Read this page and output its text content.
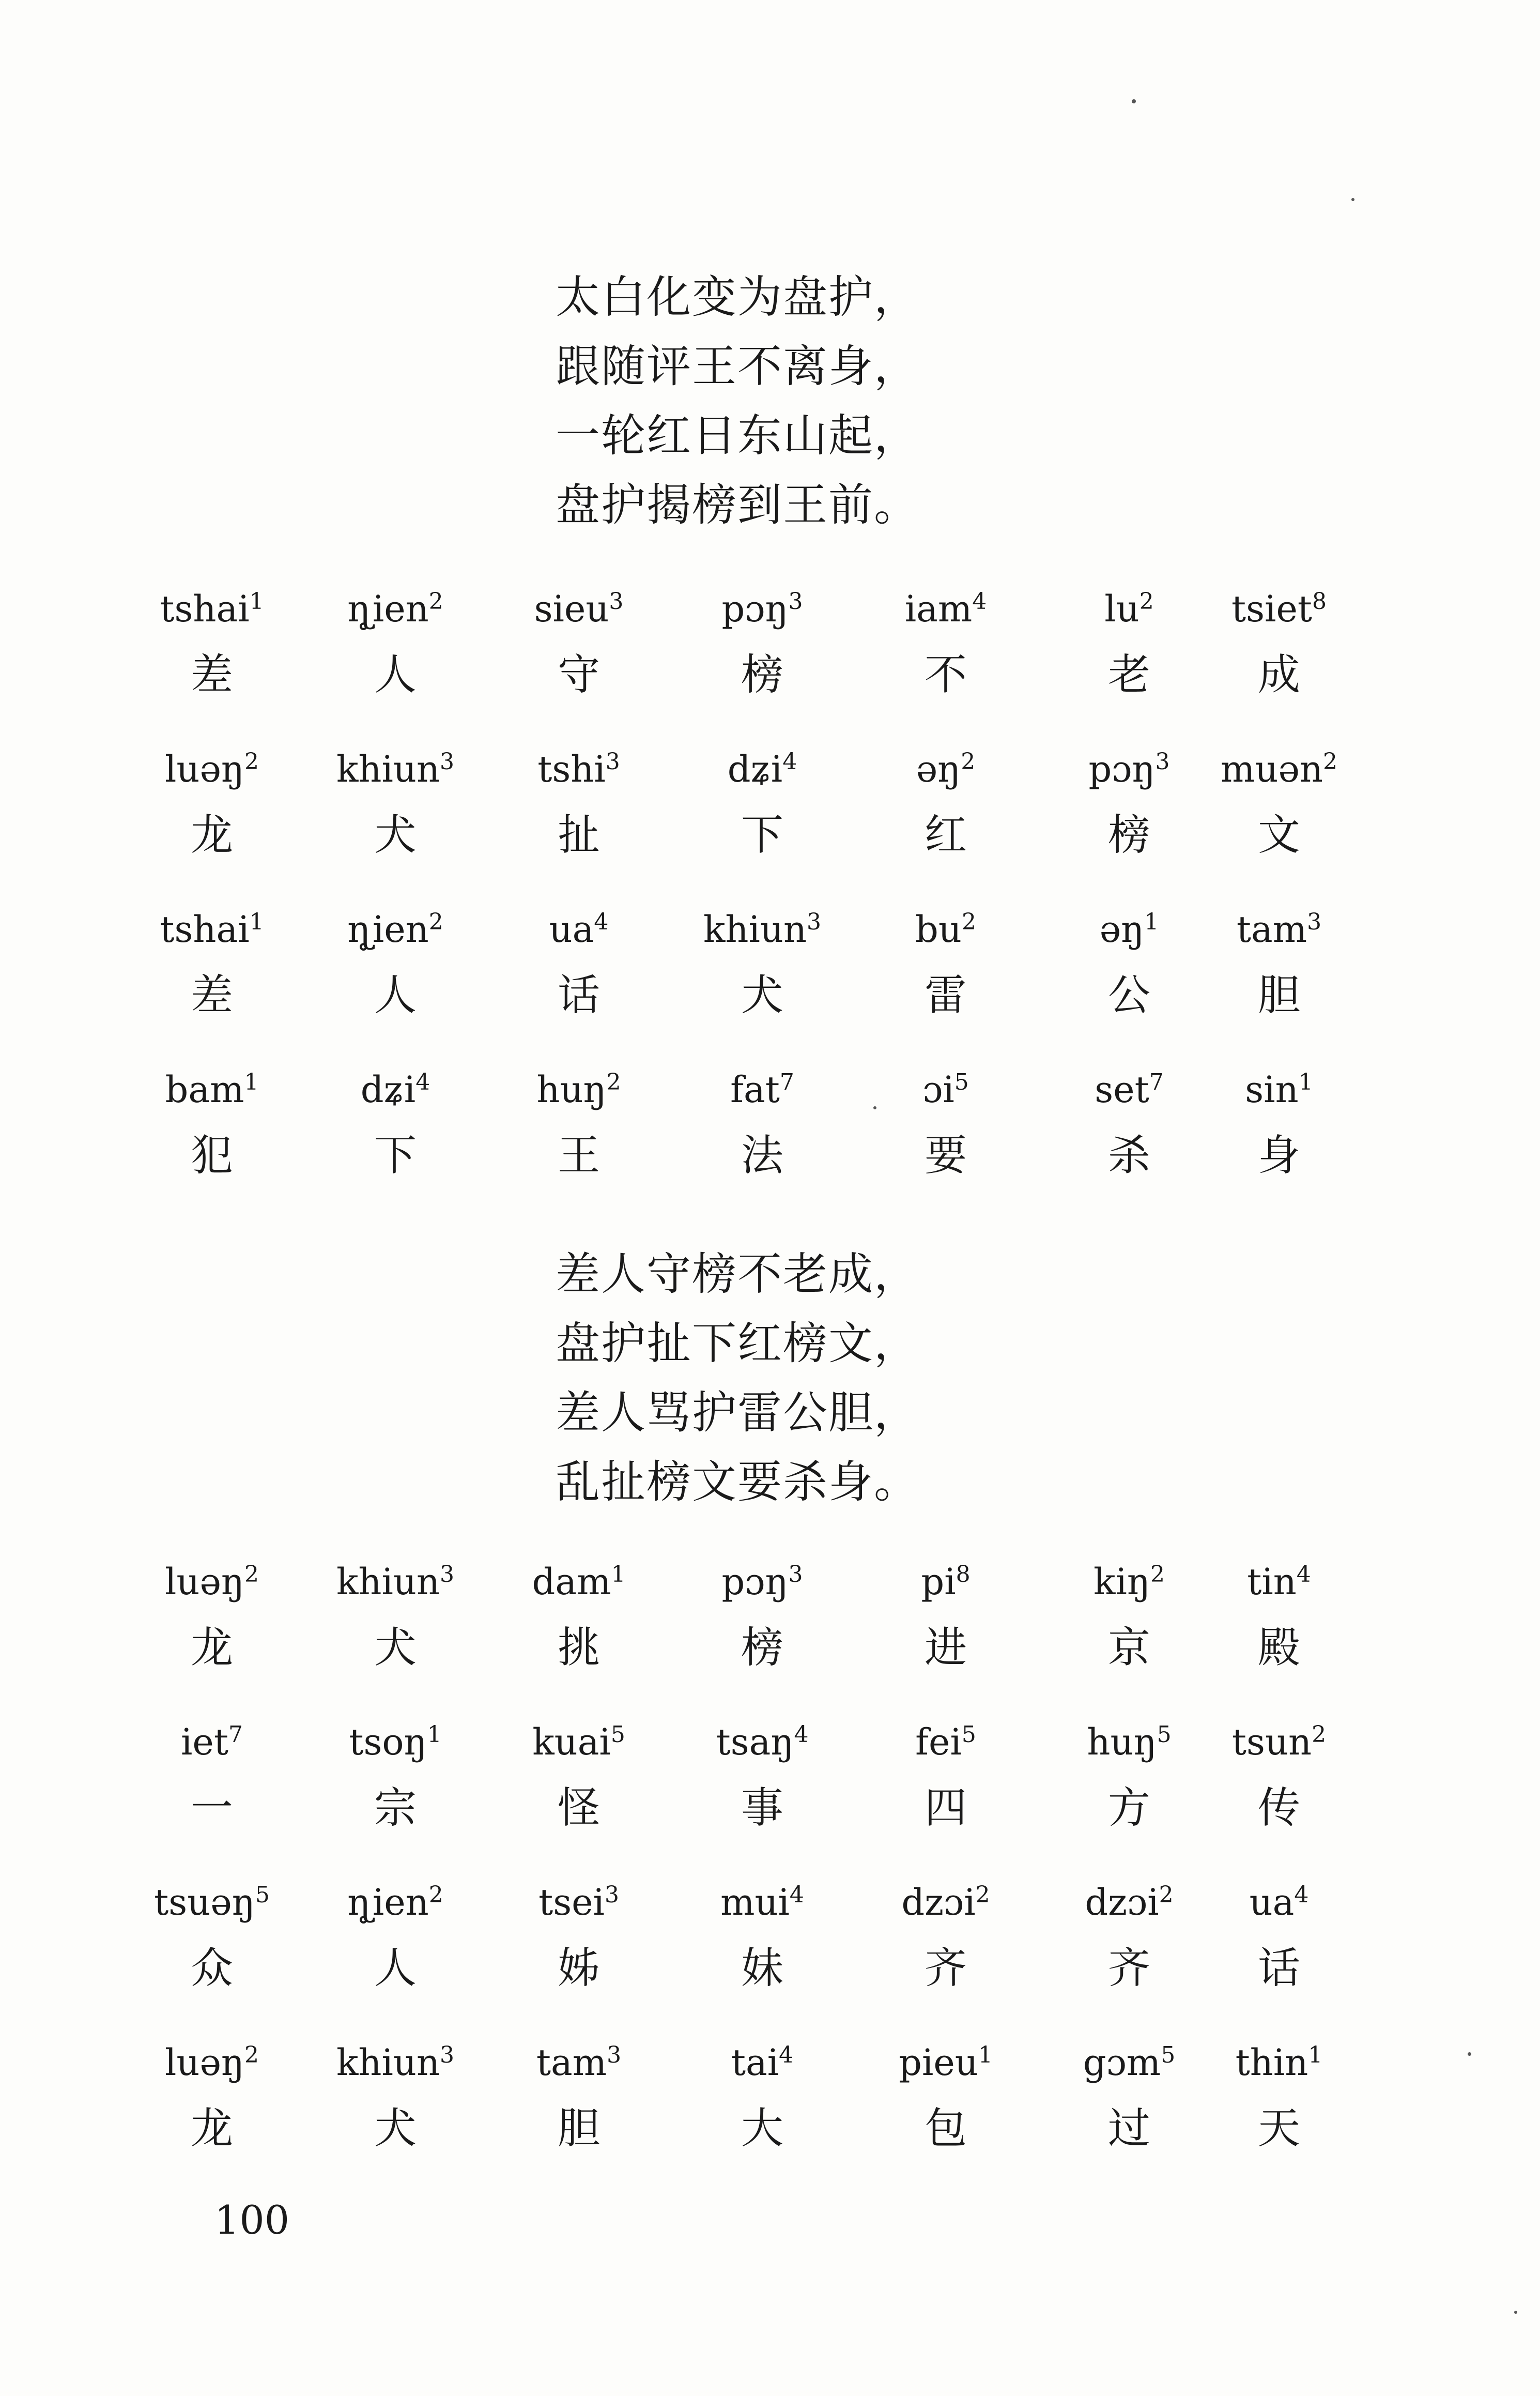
太白化变为盘护，
跟随评王不离身，
一轮红日东山起，
盘护揭榜到王前。
tshai$^1$
差
ɳ̥ien$^2$
人
sieu$^3$
守
pɔŋ$^3$
榜
iam$^4$
不
$lu^2$
老
tsiet$^8$
成
luəŋ$^2$
龙
khiun$^3$
犬
tshi$^3$
扯
dʑi$^4$
下
əŋ$^2$
红
pɔŋ$^3$
榜
muən$^2$
文
tshai$^1$
差
ɳ̥ien$^2$
人
$ua^4$
话
khiun$^3$
犬
$bu^2$
雷
əŋ$^1$
公
tam$^3$
胆
bam$^1$
犯
dʑi$^4$
下
huŋ$^2$
王
fat$^7$
法
ɔi$^5$
要
set$^7$
杀
$\sin^1$
身
差人守榜不老成，
盘护扯下红榜文，
差人骂护雷公胆，
乱扯榜文要杀身。
luəŋ$^2$
龙
khiun$^3$
犬
dam$^1$
挑
pɔŋ$^3$
榜
$pi^8$
进
kiŋ$^2$
京
tin$^4$
殿
iet$^7$
一
tsoŋ$^1$
宗
kuai$^5$
怪
tsaŋ$^4$
事
fei$^5$
四
huŋ$^5$
方
tsun$^2$
传
tsuəŋ$^5$
众
ɳ̥ien$^2$
人
tsei$^3$
姊
mui$^4$
妹
dzɔi$^2$
齐
dzɔi$^2$
齐
$ua^4$
话
luəŋ$^2$
龙
khiun$^3$
犬
tam$^3$
胆
tai$^4$
大
pieu$^1$
包
gɔm$^5$
过
thin$^1$
天
100
